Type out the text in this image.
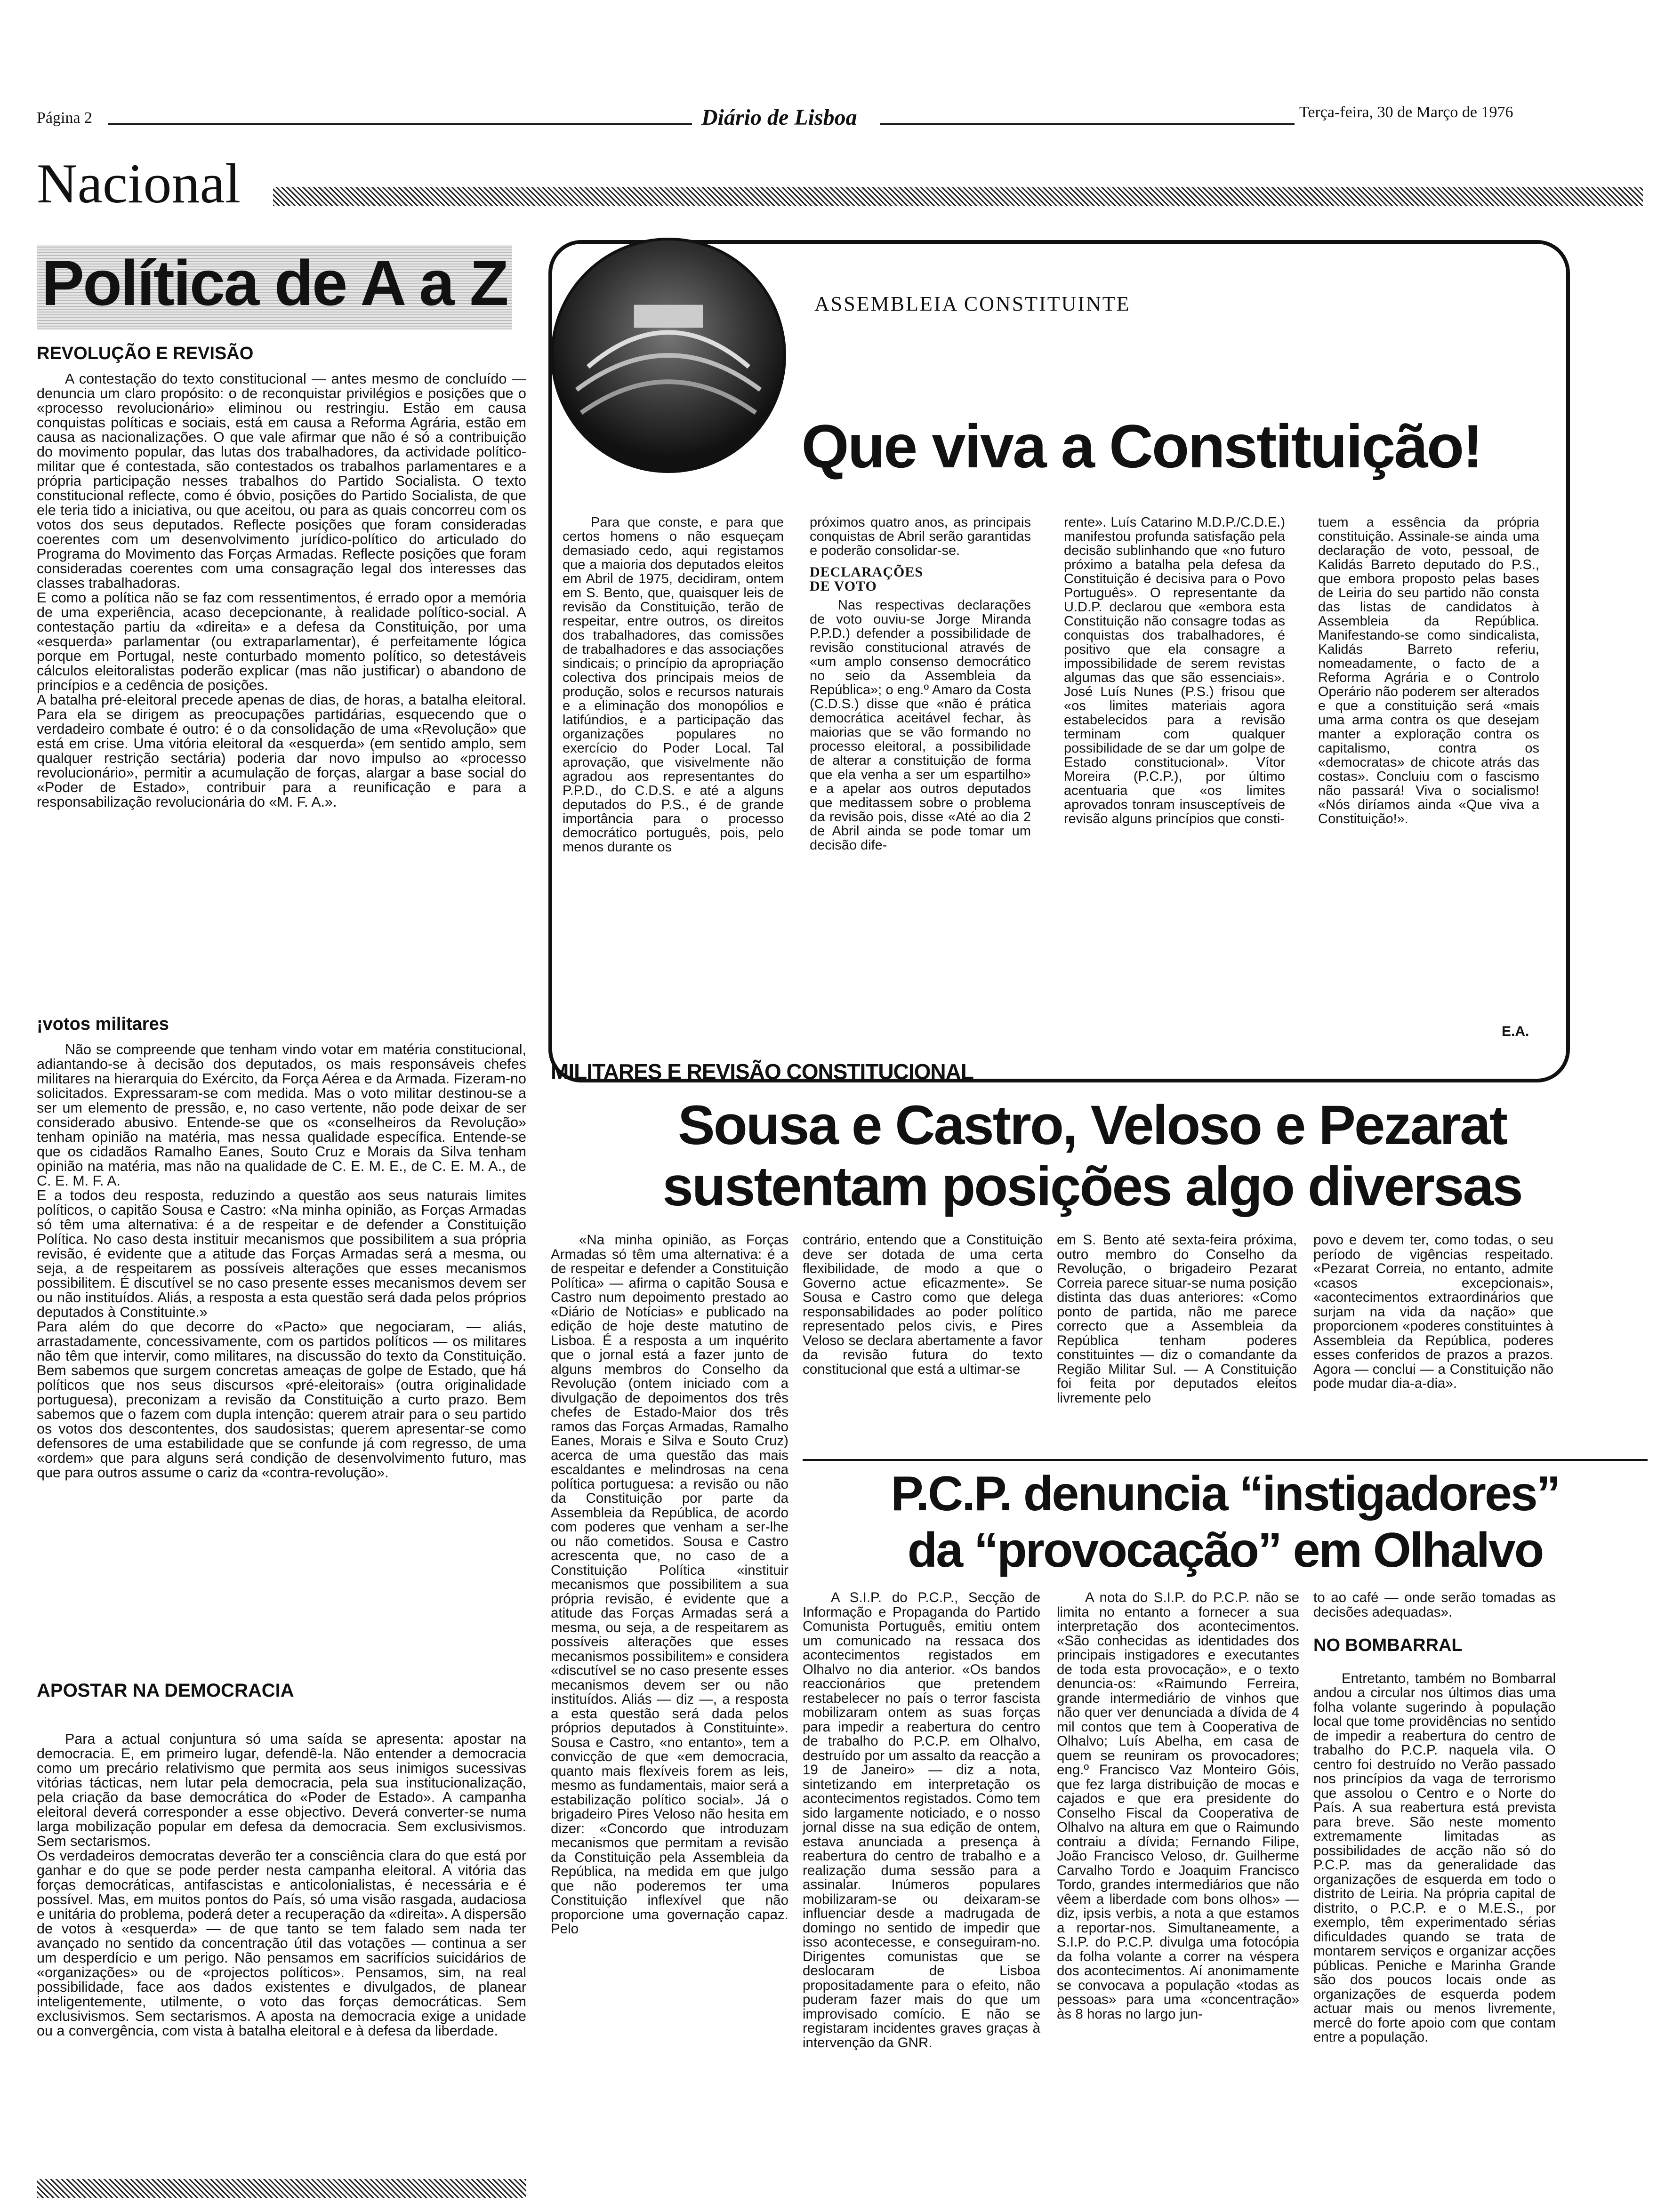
Página 2	Diário de Lisboa	Terça-feira, 30 de Março de 1976
Nacional
Política de A a Z
REVOLUÇÃO E REVISÃO

A contestação do texto constitucional — antes mesmo de concluído — denuncia um claro propósito: o de reconquistar privilégios e posições que o «processo revolucionário» eliminou ou restringiu. Estão em causa conquistas políticas e sociais, está em causa a Reforma Agrária, estão em causa as nacionalizações. O que vale afirmar que não é só a contribuição do movimento popular, das lutas dos trabalhadores, da actividade político-militar que é contestada, são contestados os trabalhos parlamentares e a própria participação nesses trabalhos do Partido Socialista. O texto constitucional reflecte, como é óbvio, posições do Partido Socialista, de que ele teria tido a iniciativa, ou que aceitou, ou para as quais concorreu com os votos dos seus deputados. Reflecte posições que foram consideradas coerentes com um desenvolvimento jurídico-político do articulado do Programa do Movimento das Forças Armadas. Reflecte posições que foram consideradas coerentes com uma consagração legal dos interesses das classes trabalhadoras.

E como a política não se faz com ressentimentos, é errado opor a memória de uma experiência, acaso decepcionante, à realidade político-social. A contestação partiu da «direita» e a defesa da Constituição, por uma «esquerda» parlamentar (ou extraparlamentar), é perfeitamente lógica porque em Portugal, neste conturbado momento político, so detestáveis cálculos eleitoralistas poderão explicar (mas não justificar) o abandono de princípios e a cedência de posições.

A batalha pré-eleitoral precede apenas de dias, de horas, a batalha eleitoral. Para ela se dirigem as preocupações partidárias, esquecendo que o verdadeiro combate é outro: é o da consolidação de uma «Revolução» que está em crise. Uma vitória eleitoral da «esquerda» (em sentido amplo, sem qualquer restrição sectária) poderia dar novo impulso ao «processo revolucionário», permitir a acumulação de forças, alargar a base social do «Poder de Estado», contribuir para a reunificação e para a responsabilização revolucionária do «M. F. A.».

¡votos militares

Não se compreende que tenham vindo votar em matéria constitucional, adiantando-se à decisão dos deputados, os mais responsáveis chefes militares na hierarquia do Exército, da Força Aérea e da Armada. Fizeram-no solicitados. Expressaram-se com medida. Mas o voto militar destinou-se a ser um elemento de pressão, e, no caso vertente, não pode deixar de ser considerado abusivo. Entende-se que os «conselheiros da Revolução» tenham opinião na matéria, mas nessa qualidade específica. Entende-se que os cidadãos Ramalho Eanes, Souto Cruz e Morais da Silva tenham opinião na matéria, mas não na qualidade de C. E. M. E., de C. E. M. A., de C. E. M. F. A.

E a todos deu resposta, reduzindo a questão aos seus naturais limites políticos, o capitão Sousa e Castro: «Na minha opinião, as Forças Armadas só têm uma alternativa: é a de respeitar e de defender a Constituição Política. No caso desta instituir mecanismos que possibilitem a sua própria revisão, é evidente que a atitude das Forças Armadas será a mesma, ou seja, a de respeitarem as possíveis alterações que esses mecanismos possibilitem. É discutível se no caso presente esses mecanismos devem ser ou não instituídos. Aliás, a resposta a esta questão será dada pelos próprios deputados à Constituinte.»

Para além do que decorre do «Pacto» que negociaram, — aliás, arrastadamente, concessivamente, com os partidos políticos — os militares não têm que intervir, como militares, na discussão do texto da Constituição. Bem sabemos que surgem concretas ameaças de golpe de Estado, que há políticos que nos seus discursos «pré-eleitorais» (outra originalidade portuguesa), preconizam a revisão da Constituição a curto prazo. Bem sabemos que o fazem com dupla intenção: querem atrair para o seu partido os votos dos descontentes, dos saudosistas; querem apresentar-se como defensores de uma estabilidade que se confunde já com regresso, de uma «ordem» que para alguns será condição de desenvolvimento futuro, mas que para outros assume o cariz da «contra-revolução».

APOSTAR NA DEMOCRACIA

Para a actual conjuntura só uma saída se apresenta: apostar na democracia. E, em primeiro lugar, defendê-la. Não entender a democracia como um precário relativismo que permita aos seus inimigos sucessivas vitórias tácticas, nem lutar pela democracia, pela sua institucionalização, pela criação da base democrática do «Poder de Estado». A campanha eleitoral deverá corresponder a esse objectivo. Deverá converter-se numa larga mobilização popular em defesa da democracia. Sem exclusivismos. Sem sectarismos.

Os verdadeiros democratas deverão ter a consciência clara do que está por ganhar e do que se pode perder nesta campanha eleitoral. A vitória das forças democráticas, antifascistas e anticolonialistas, é necessária e é possível. Mas, em muitos pontos do País, só uma visão rasgada, audaciosa e unitária do problema, poderá deter a recuperação da «direita». A dispersão de votos à «esquerda» — de que tanto se tem falado sem nada ter avançado no sentido da concentração útil das votações — continua a ser um desperdício e um perigo. Não pensamos em sacrifícios suicidários de «organizações» ou de «projectos políticos». Pensamos, sim, na real possibilidade, face aos dados existentes e divulgados, de planear inteligentemente, utilmente, o voto das forças democráticas. Sem exclusivismos. Sem sectarismos. A aposta na democracia exige a unidade ou a convergência, com vista à batalha eleitoral e à defesa da liberdade.

ASSEMBLEIA CONSTITUINTE
Que viva a Constituição!

Para que conste, e para que certos homens o não esqueçam demasiado cedo, aqui registamos que a maioria dos deputados eleitos em Abril de 1975, decidiram, ontem em S. Bento, que, quaisquer leis de revisão da Constituição, terão de respeitar, entre outros, os direitos dos trabalhadores, das comissões de trabalhadores e das associações sindicais; o princípio da apropriação colectiva dos principais meios de produção, solos e recursos naturais e a eliminação dos monopólios e latifúndios, e a participação das organizações populares no exercício do Poder Local. Tal aprovação, que visivelmente não agradou aos representantes do P.P.D., do C.D.S. e até a alguns deputados do P.S., é de grande importância para o processo democrático português, pois, pelo menos durante os

próximos quatro anos, as principais conquistas de Abril serão garantidas e poderão consolidar-se.

DECLARAÇÕES DE VOTO

Nas respectivas declarações de voto ouviu-se Jorge Miranda P.P.D.) defender a possibilidade de revisão constitucional através de «um amplo consenso democrático no seio da Assembleia da República»; o eng.º Amaro da Costa (C.D.S.) disse que «não é prática democrática aceitável fechar, às maiorias que se vão formando no processo eleitoral, a possibilidade de alterar a constituição de forma que ela venha a ser um espartilho» e a apelar aos outros deputados que meditassem sobre o problema da revisão pois, disse «Até ao dia 2 de Abril ainda se pode tomar um decisão dife-

rente». Luís Catarino M.D.P./C.D.E.) manifestou profunda satisfação pela decisão sublinhando que «no futuro próximo a batalha pela defesa da Constituição é decisiva para o Povo Português». O representante da U.D.P. declarou que «embora esta Constituição não consagre todas as conquistas dos trabalhadores, é positivo que ela consagre a impossibilidade de serem revistas algumas das que são essenciais». José Luís Nunes (P.S.) frisou que «os limites materiais agora estabelecidos para a revisão terminam com qualquer possibilidade de se dar um golpe de Estado constitucional». Vítor Moreira (P.C.P.), por último acentuaria que «os limites aprovados tonram insusceptíveis de revisão alguns princípios que consti-

tuem a essência da própria constituição. Assinale-se ainda uma declaração de voto, pessoal, de Kalidás Barreto deputado do P.S., que embora proposto pelas bases de Leiria do seu partido não consta das listas de candidatos à Assembleia da República. Manifestando-se como sindicalista, Kalidás Barreto referiu, nomeadamente, o facto de a Reforma Agrária e o Controlo Operário não poderem ser alterados e que a constituição será «mais uma arma contra os que desejam manter a exploração contra os capitalismo, contra os «democratas» de chicote atrás das costas». Concluiu com o fascismo não passará! Viva o socialismo! «Nós diríamos ainda «Que viva a Constituição!».

E.A.
MILITARES E REVISÃO CONSTITUCIONAL
Sousa e Castro, Veloso e Pezarat
sustentam posições algo diversas

«Na minha opinião, as Forças Armadas só têm uma alternativa: é a de respeitar e defender a Constituição Política» — afirma o capitão Sousa e Castro num depoimento prestado ao «Diário de Notícias» e publicado na edição de hoje deste matutino de Lisboa. É a resposta a um inquérito que o jornal está a fazer junto de alguns membros do Conselho da Revolução (ontem iniciado com a divulgação de depoimentos dos três chefes de Estado-Maior dos três ramos das Forças Armadas, Ramalho Eanes, Morais e Silva e Souto Cruz) acerca de uma questão das mais escaldantes e melindrosas na cena política portuguesa: a revisão ou não da Constituição por parte da Assembleia da República, de acordo com poderes que venham a ser-lhe ou não cometidos. Sousa e Castro acrescenta que, no caso de a Constituição Política «instituir mecanismos que possibilitem a sua própria revisão, é evidente que a atitude das Forças Armadas será a mesma, ou seja, a de respeitarem as possíveis alterações que esses mecanismos possibilitem» e considera «discutível se no caso presente esses mecanismos devem ser ou não instituídos. Aliás — diz —, a resposta a esta questão será dada pelos próprios deputados à Constituinte». Sousa e Castro, «no entanto», tem a convicção de que «em democracia, quanto mais flexíveis forem as leis, mesmo as fundamentais, maior será a estabilização político social». Já o brigadeiro Pires Veloso não hesita em dizer: «Concordo que introduzam mecanismos que permitam a revisão da Constituição pela Assembleia da República, na medida em que julgo que não poderemos ter uma Constituição inflexível que não proporcione uma governação capaz. Pelo

contrário, entendo que a Constituição deve ser dotada de uma certa flexibilidade, de modo a que o Governo actue eficazmente». Se Sousa e Castro como que delega responsabilidades ao poder político representado pelos civis, e Pires Veloso se declara abertamente a favor da revisão futura do texto constitucional que está a ultimar-se

em S. Bento até sexta-feira próxima, outro membro do Conselho da Revolução, o brigadeiro Pezarat Correia parece situar-se numa posição distinta das duas anteriores: «Como ponto de partida, não me parece correcto que a Assembleia da República tenham poderes constituintes — diz o comandante da Região Militar Sul. — A Constituição foi feita por deputados eleitos livremente pelo

povo e devem ter, como todas, o seu período de vigências respeitado. «Pezarat Correia, no entanto, admite «casos excepcionais», «acontecimentos extraordinários que surjam na vida da nação» que proporcionem «poderes constituintes à Assembleia da República, poderes esses conferidos de prazos a prazos. Agora — conclui — a Constituição não pode mudar dia-a-dia».

P.C.P. denuncia “instigadores”
da “provocação” em Olhalvo

A S.I.P. do P.C.P., Secção de Informação e Propaganda do Partido Comunista Português, emitiu ontem um comunicado na ressaca dos acontecimentos registados em Olhalvo no dia anterior. «Os bandos reaccionários que pretendem restabelecer no país o terror fascista mobilizaram ontem as suas forças para impedir a reabertura do centro de trabalho do P.C.P. em Olhalvo, destruído por um assalto da reacção a 19 de Janeiro» — diz a nota, sintetizando em interpretação os acontecimentos registados. Como tem sido largamente noticiado, e o nosso jornal disse na sua edição de ontem, estava anunciada a presença à reabertura do centro de trabalho e a realização duma sessão para a assinalar. Inúmeros populares mobilizaram-se ou deixaram-se influenciar desde a madrugada de domingo no sentido de impedir que isso acontecesse, e conseguiram-no. Dirigentes comunistas que se deslocaram de Lisboa propositadamente para o efeito, não puderam fazer mais do que um improvisado comício. E não se registaram incidentes graves graças à intervenção da GNR.

A nota do S.I.P. do P.C.P. não se limita no entanto a fornecer a sua interpretação dos acontecimentos. «São conhecidas as identidades dos principais instigadores e executantes de toda esta provocação», e o texto denuncia-os: «Raimundo Ferreira, grande intermediário de vinhos que não quer ver denunciada a dívida de 4 mil contos que tem à Cooperativa de Olhalvo; Luís Abelha, em casa de quem se reuniram os provocadores; eng.º Francisco Vaz Monteiro Góis, que fez larga distribuição de mocas e cajados e que era presidente do Conselho Fiscal da Cooperativa de Olhalvo na altura em que o Raimundo contraiu a dívida; Fernando Filipe, João Francisco Veloso, dr. Guilherme Carvalho Tordo e Joaquim Francisco Tordo, grandes intermediários que não vêem a liberdade com bons olhos» — diz, ipsis verbis, a nota a que estamos a reportar-nos. Simultaneamente, a S.I.P. do P.C.P. divulga uma fotocópia da folha volante a correr na véspera dos acontecimentos. Aí anonimamente se convocava a população «todas as pessoas» para uma «concentração» às 8 horas no largo jun-

to ao café — onde serão tomadas as decisões adequadas».

NO BOMBARRAL

Entretanto, também no Bombarral andou a circular nos últimos dias uma folha volante sugerindo à população local que tome providências no sentido de impedir a reabertura do centro de trabalho do P.C.P. naquela vila. O centro foi destruído no Verão passado nos princípios da vaga de terrorismo que assolou o Centro e o Norte do País. A sua reabertura está prevista para breve. São neste momento extremamente limitadas as possibilidades de acção não só do P.C.P. mas da generalidade das organizações de esquerda em todo o distrito de Leiria. Na própria capital de distrito, o P.C.P. e o M.E.S., por exemplo, têm experimentado sérias dificuldades quando se trata de montarem serviços e organizar acções públicas. Peniche e Marinha Grande são dos poucos locais onde as organizações de esquerda podem actuar mais ou menos livremente, mercê do forte apoio com que contam entre a população.
